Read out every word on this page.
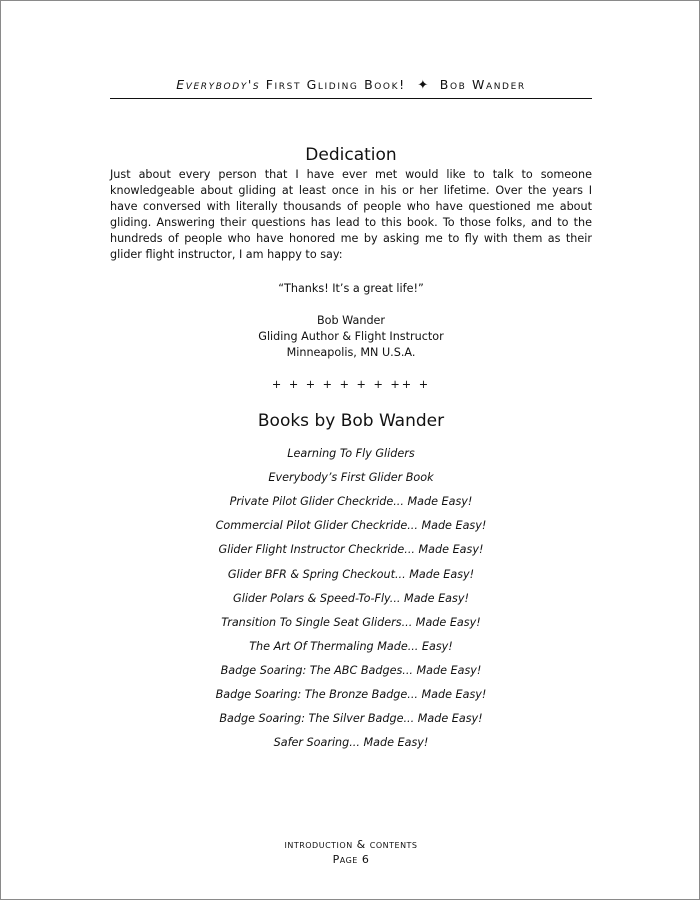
Everybody's First Gliding Book! ✦ Bob Wander
Dedication

Just about every person that I have ever met would like to talk to someone knowledgeable about gliding at least once in his or her lifetime. Over the years I have conversed with literally thousands of people who have questioned me about gliding. Answering their questions has lead to this book. To those folks, and to the hundreds of people who have honored me by asking me to fly with them as their glider flight instructor, I am happy to say:

“Thanks! It’s a great life!”
Bob Wander
Gliding Author & Flight Instructor
Minneapolis, MN U.S.A.
+ + + + + + + ++ +
Books by Bob Wander
Learning To Fly Gliders
Everybody’s First Glider Book
Private Pilot Glider Checkride... Made Easy!
Commercial Pilot Glider Checkride... Made Easy!
Glider Flight Instructor Checkride... Made Easy!
Glider BFR & Spring Checkout... Made Easy!
Glider Polars & Speed-To-Fly... Made Easy!
Transition To Single Seat Gliders... Made Easy!
The Art Of Thermaling Made... Easy!
Badge Soaring: The ABC Badges... Made Easy!
Badge Soaring: The Bronze Badge... Made Easy!
Badge Soaring: The Silver Badge... Made Easy!
Safer Soaring... Made Easy!
introduction & contents
Page 6
